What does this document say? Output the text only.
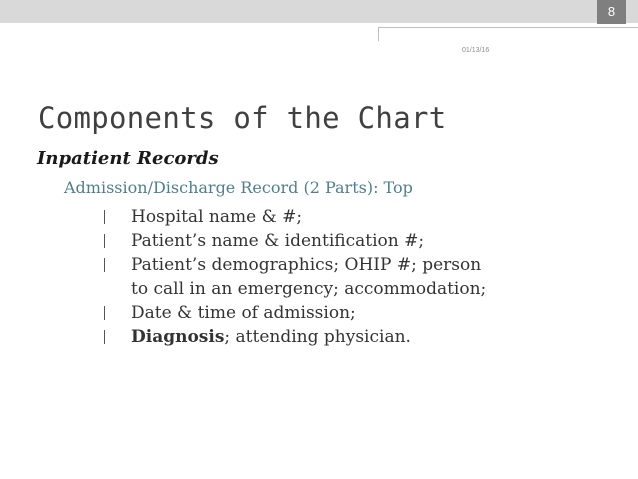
8
01/13/16
Components of the Chart
Inpatient Records
Admission/Discharge Record (2 Parts): Top
Hospital name & #;
Patient’s name & identification #;
Patient’s demographics; OHIP #; person
to call in an emergency; accommodation;
Date & time of admission;
Diagnosis; attending physician.
